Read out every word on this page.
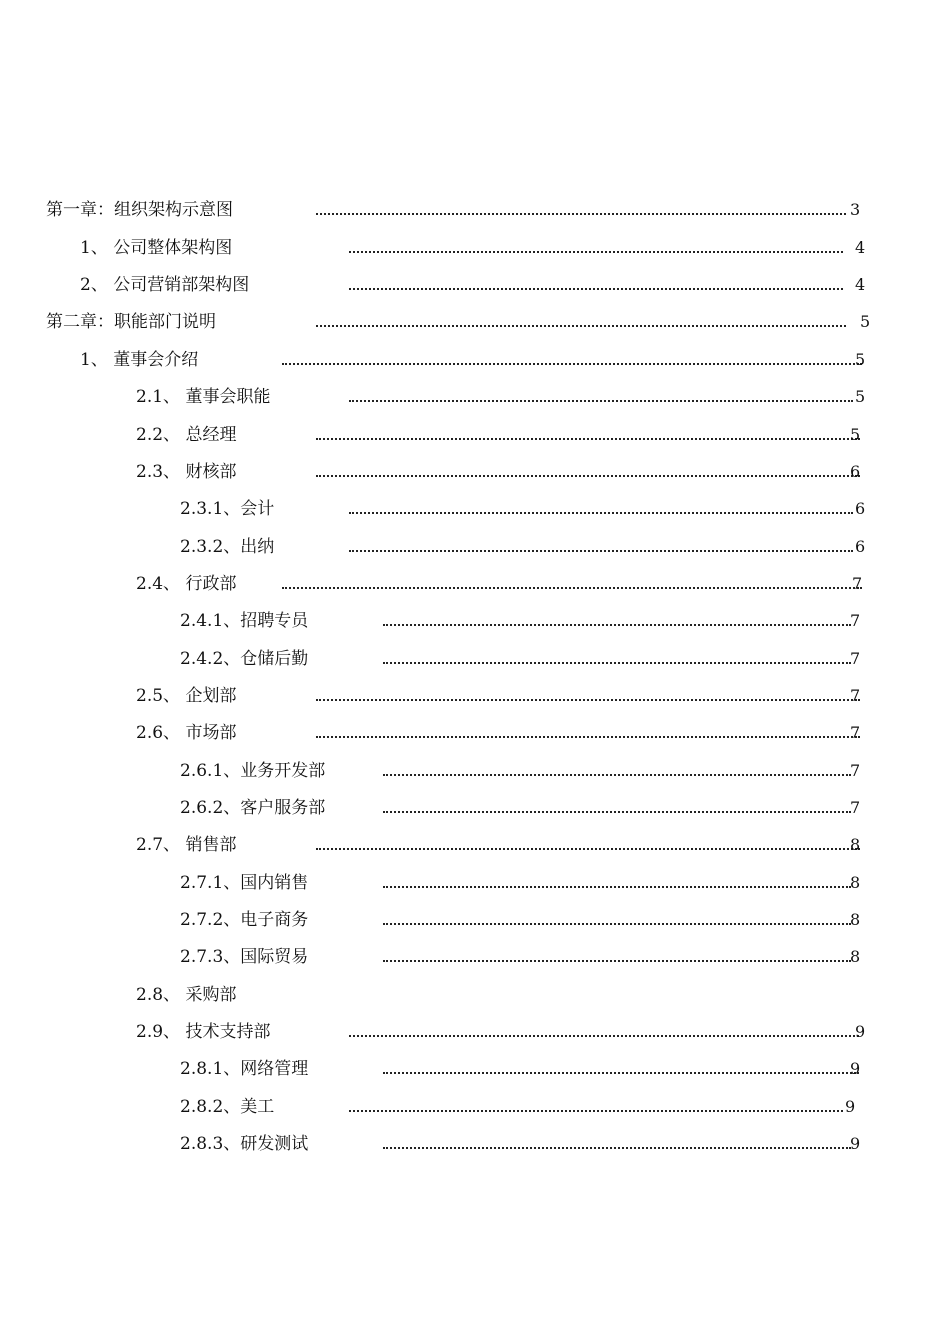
第一章：组织架构示意图	3
1、 公司整体架构图	4
2、 公司营销部架构图	4
第二章：职能部门说明	5
1、 董事会介绍	5
2.1、 董事会职能	5
2.2、 总经理	5
2.3、 财核部	6
2.3.1、会计	6
2.3.2、出纳	6
2.4、 行政部	7
2.4.1、招聘专员	7
2.4.2、仓储后勤	7
2.5、 企划部	7
2.6、 市场部	7
2.6.1、业务开发部	7
2.6.2、客户服务部	7
2.7、 销售部	8
2.7.1、国内销售	8
2.7.2、电子商务	8
2.7.3、国际贸易	8
2.8、 采购部
2.9、 技术支持部	9
2.8.1、网络管理	9
2.8.2、美工	9
2.8.3、研发测试	9
